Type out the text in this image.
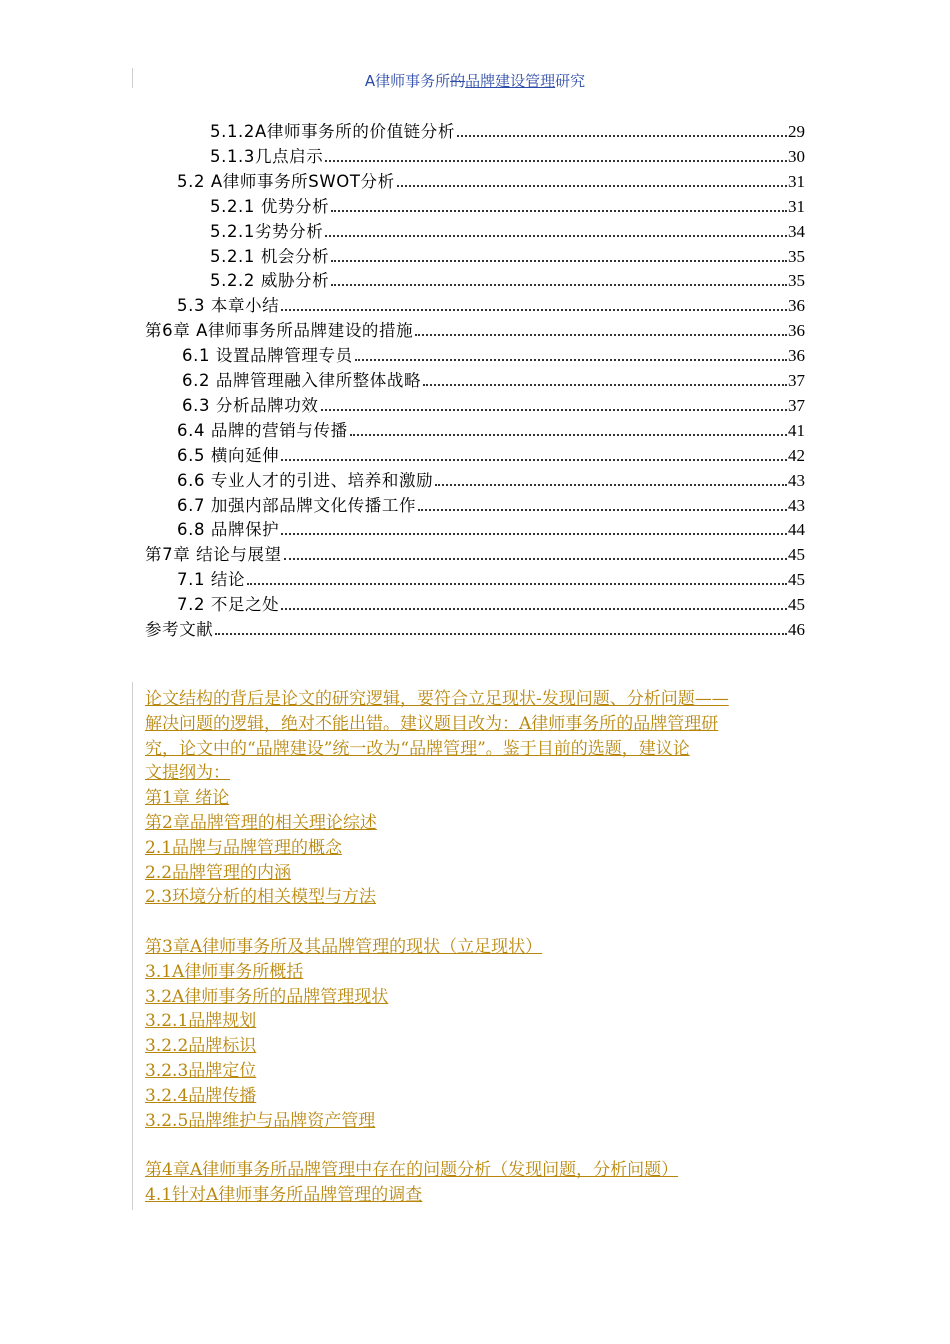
A律师事务所的品牌建设管理研究
5.1.2A律师事务所的价值链分析	29
5.1.3几点启示	30
5.2 A律师事务所SWOT分析	31
5.2.1 优势分析	31
5.2.1劣势分析	34
5.2.1 机会分析	35
5.2.2 威胁分析	35
5.3 本章小结	36
第6章 A律师事务所品牌建设的措施	36
6.1 设置品牌管理专员	36
6.2 品牌管理融入律所整体战略	37
6.3 分析品牌功效	37
6.4 品牌的营销与传播	41
6.5 横向延伸	42
6.6 专业人才的引进、培养和激励	43
6.7 加强内部品牌文化传播工作	43
6.8 品牌保护	44
第7章 结论与展望	45
7.1 结论	45
7.2 不足之处	45
参考文献	46
论文结构的背后是论文的研究逻辑，要符合立足现状-发现问题、分析问题——
解决问题的逻辑，绝对不能出错。建议题目改为：A律师事务所的品牌管理研
究，论文中的“品牌建设”统一改为“品牌管理”。鉴于目前的选题，建议论
文提纲为：
第1章 绪论
第2章品牌管理的相关理论综述
2.1品牌与品牌管理的概念
2.2品牌管理的内涵
2.3环境分析的相关模型与方法
第3章A律师事务所及其品牌管理的现状（立足现状）
3.1A律师事务所概括
3.2A律师事务所的品牌管理现状
3.2.1品牌规划
3.2.2品牌标识
3.2.3品牌定位
3.2.4品牌传播
3.2.5品牌维护与品牌资产管理
第4章A律师事务所品牌管理中存在的问题分析（发现问题，分析问题）
4.1针对A律师事务所品牌管理的调查
